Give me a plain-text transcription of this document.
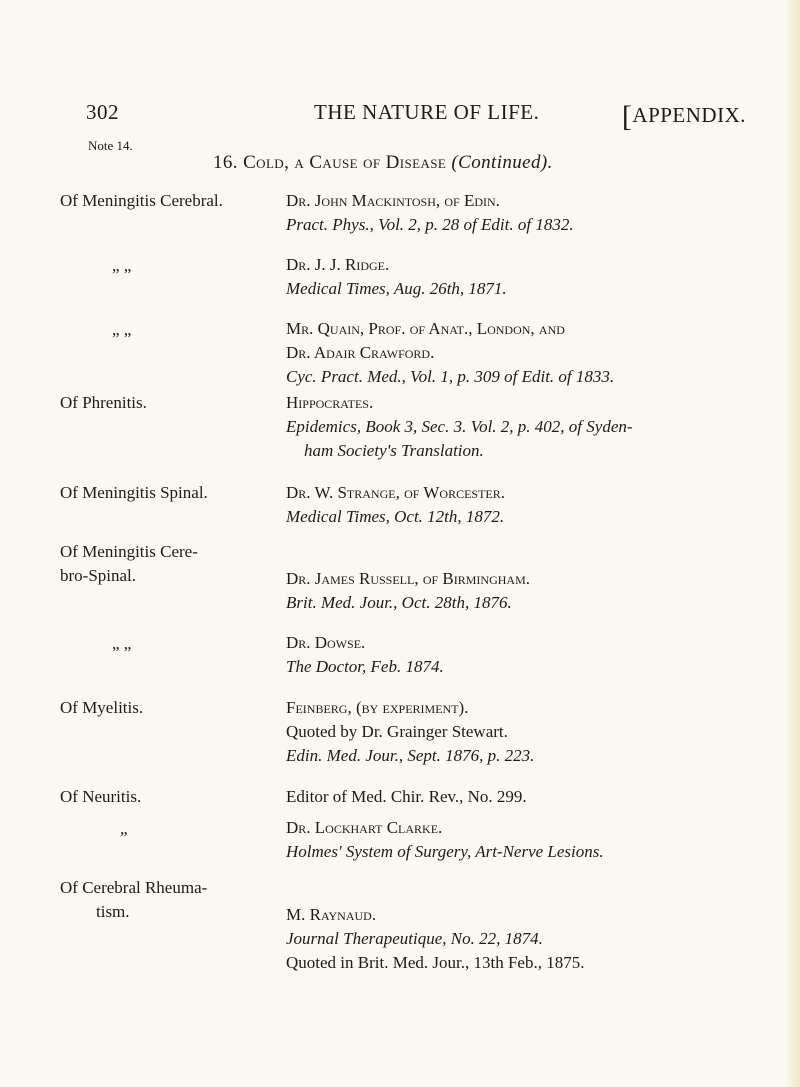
302	THE NATURE OF LIFE.	[APPENDIX.
Note 14.
16. Cold, a Cause of Disease (Continued).
Of Meningitis Cerebral.	Dr. John Mackintosh, of Edin.
Pract. Phys., Vol. 2, p. 28 of Edit. of 1832.
„ „	Dr. J. J. Ridge.
Medical Times, Aug. 26th, 1871.
„ „	Mr. Quain, Prof. of Anat., London, and
Dr. Adair Crawford.
Cyc. Pract. Med., Vol. 1, p. 309 of Edit. of 1833.
Of Phrenitis.	Hippocrates.
Epidemics, Book 3, Sec. 3. Vol. 2, p. 402, of Syden-
ham Society's Translation.
Of Meningitis Spinal.	Dr. W. Strange, of Worcester.
Medical Times, Oct. 12th, 1872.
Of Meningitis Cere-
bro-Spinal.	Dr. James Russell, of Birmingham.
Brit. Med. Jour., Oct. 28th, 1876.
„ „	Dr. Dowse.
The Doctor, Feb. 1874.
Of Myelitis.	Feinberg, (by experiment).
Quoted by Dr. Grainger Stewart.
Edin. Med. Jour., Sept. 1876, p. 223.
Of Neuritis.	Editor of Med. Chir. Rev., No. 299.
„	Dr. Lockhart Clarke.
Holmes' System of Surgery, Art-Nerve Lesions.
Of Cerebral Rheuma-
tism.	M. Raynaud.
Journal Therapeutique, No. 22, 1874.
Quoted in Brit. Med. Jour., 13th Feb., 1875.
